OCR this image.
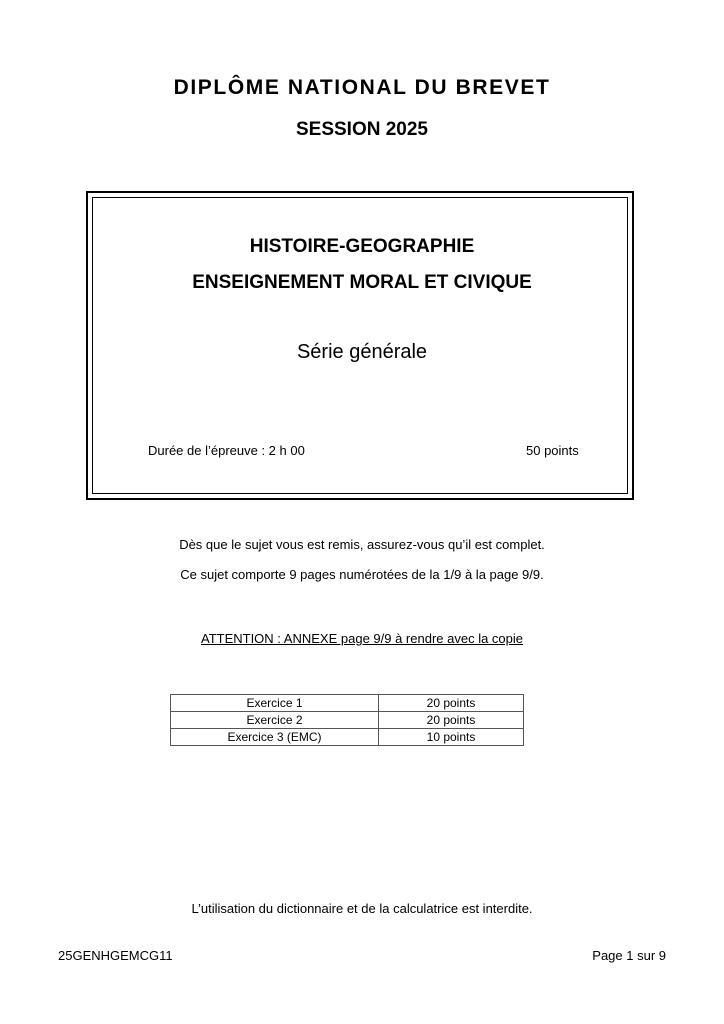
DIPLÔME NATIONAL DU BREVET
SESSION 2025
HISTOIRE-GEOGRAPHIE
ENSEIGNEMENT MORAL ET CIVIQUE
Série générale
Durée de l’épreuve : 2 h 00	50 points
Dès que le sujet vous est remis, assurez-vous qu’il est complet.
Ce sujet comporte 9 pages numérotées de la 1/9 à la page 9/9.
ATTENTION : ANNEXE page 9/9 à rendre avec la copie
Exercice 1	20 points
Exercice 2	20 points
Exercice 3 (EMC)	10 points
L’utilisation du dictionnaire et de la calculatrice est interdite.
25GENHGEMCG11	Page 1 sur 9
